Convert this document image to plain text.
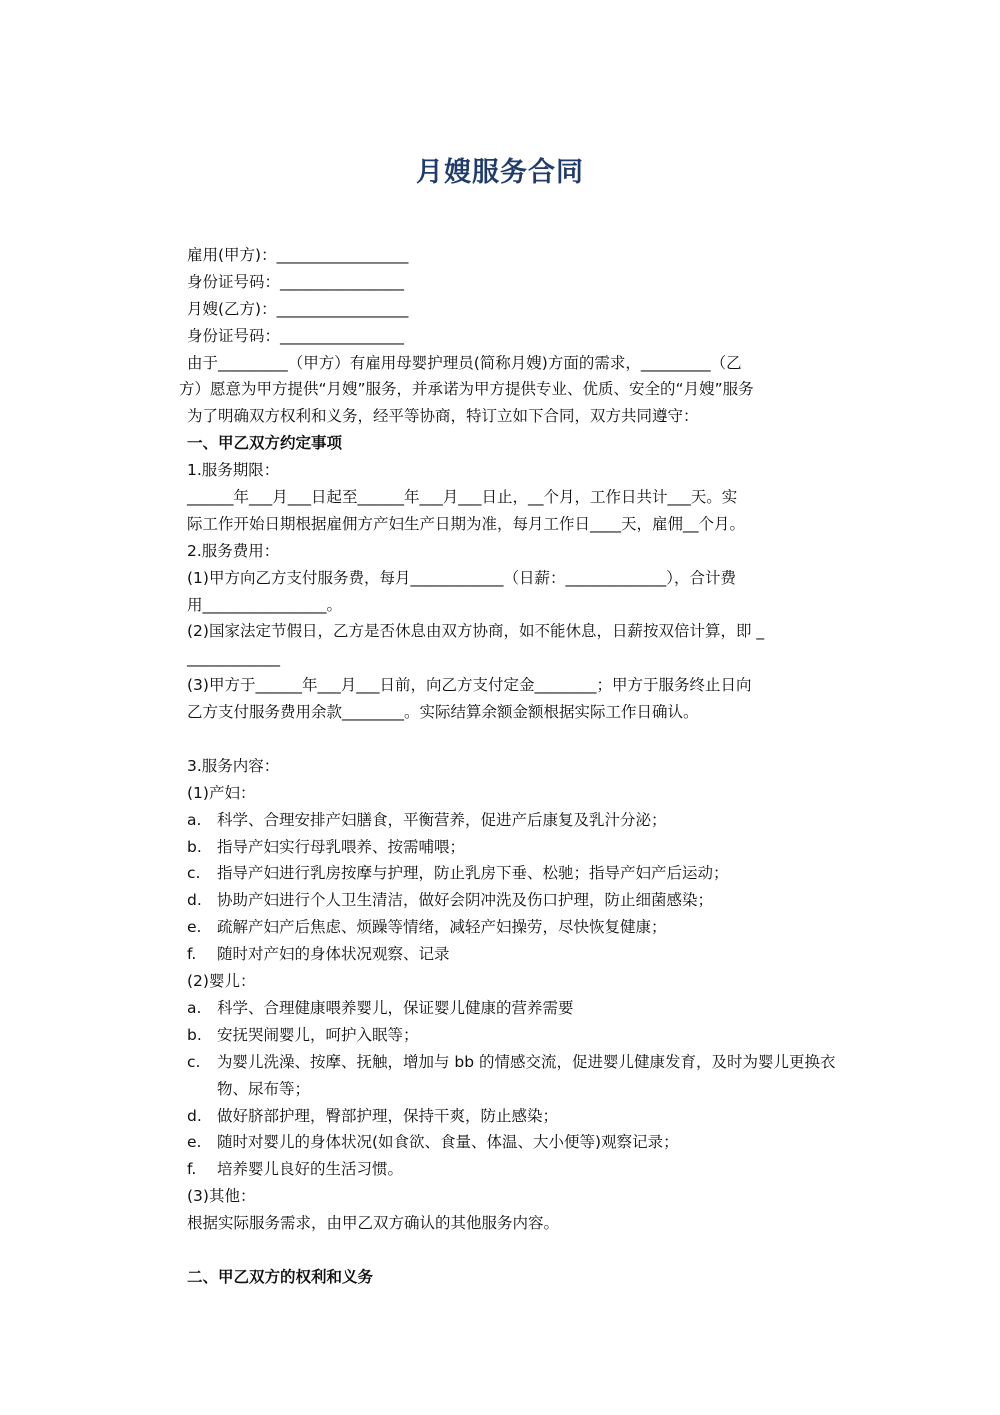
月嫂服务合同
雇用(甲方)：_________________
身份证号码：________________
月嫂(乙方)：_________________
身份证号码：________________
由于_________（甲方）有雇用母婴护理员(简称月嫂)方面的需求，_________（乙
方）愿意为甲方提供“月嫂”服务，并承诺为甲方提供专业、优质、安全的“月嫂”服务
为了明确双方权利和义务，经平等协商，特订立如下合同，双方共同遵守：
一、甲乙双方约定事项
1.服务期限：
______年___月___日起至______年___月___日止，__个月，工作日共计___天。实
际工作开始日期根据雇佣方产妇生产日期为准，每月工作日____天，雇佣__个月。
2.服务费用：
(1)甲方向乙方支付服务费，每月____________（日薪：_____________），合计费
用________________。
(2)国家法定节假日，乙方是否休息由双方协商，如不能休息，日薪按双倍计算，即 _
____________
(3)甲方于______年___月___日前，向乙方支付定金________；甲方于服务终止日向
乙方支付服务费用余款________。实际结算余额金额根据实际工作日确认。
3.服务内容：
(1)产妇：
a.	科学、合理安排产妇膳食，平衡营养，促进产后康复及乳汁分泌；
b. 指导产妇实行母乳喂养、按需哺喂；
c.	指导产妇进行乳房按摩与护理，防止乳房下垂、松驰；指导产妇产后运动；
d. 协助产妇进行个人卫生清洁，做好会阴冲洗及伤口护理，防止细菌感染；
e.	疏解产妇产后焦虑、烦躁等情绪，减轻产妇操劳，尽快恢复健康；
f.	随时对产妇的身体状况观察、记录
(2)婴儿：
a.	科学、合理健康喂养婴儿，保证婴儿健康的营养需要
b. 安抚哭闹婴儿，呵护入眠等；
c.	为婴儿洗澡、按摩、抚触，增加与 bb 的情感交流，促进婴儿健康发育，及时为婴儿更换衣物、尿布等；
d. 做好脐部护理，臀部护理，保持干爽，防止感染；
e.	随时对婴儿的身体状况(如食欲、食量、体温、大小便等)观察记录；
f.	培养婴儿良好的生活习惯。
(3)其他：
根据实际服务需求，由甲乙双方确认的其他服务内容。
二、甲乙双方的权利和义务
